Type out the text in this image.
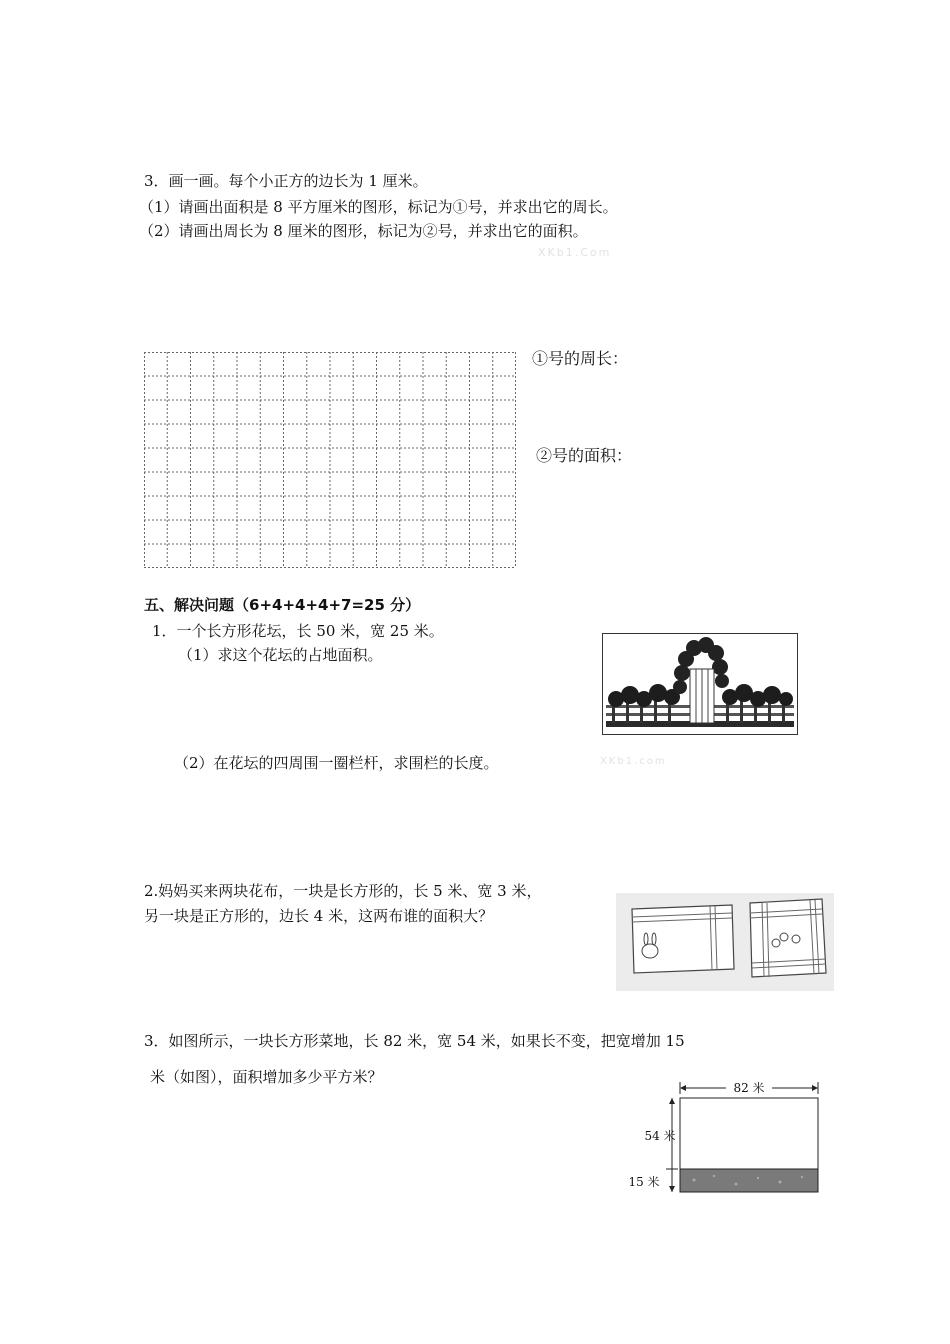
3．画一画。每个小正方的边长为 1 厘米。
（1）请画出面积是 8 平方厘米的图形，标记为①号，并求出它的周长。
（2）请画出周长为 8 厘米的图形，标记为②号，并求出它的面积。
XKb1.Com
①号的周长：
②号的面积：
五、解决问题（6+4+4+4+7=25 分）
1．一个长方形花坛，长 50 米，宽 25 米。
（1）求这个花坛的占地面积。
（2）在花坛的四周围一圈栏杆，求围栏的长度。	XKb1.com
2.妈妈买来两块花布，一块是长方形的，长 5 米、宽 3 米，
另一块是正方形的，边长 4 米，这两布谁的面积大？
3．如图所示，一块长方形菜地，长 82 米，宽 54 米，如果长不变，把宽增加 15
米（如图），面积增加多少平方米？
82 米
54 米
15 米
